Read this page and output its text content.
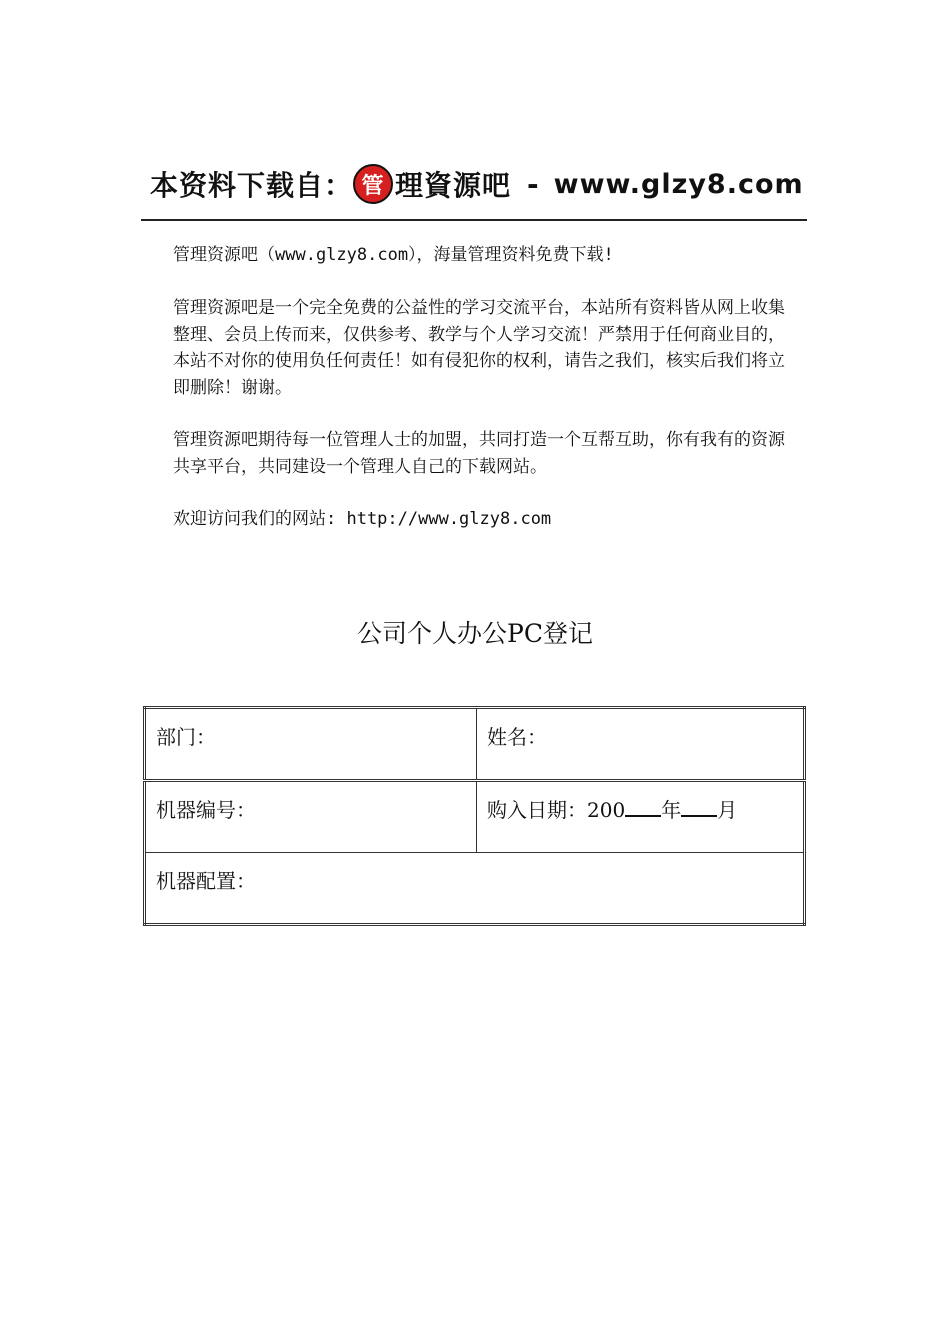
本资料下载自： 管 理資源吧 - www.glzy8.com

管理资源吧（www.glzy8.com），海量管理资料免费下载!

管理资源吧是一个完全免费的公益性的学习交流平台，本站所有资料皆从网上收集整理、会员上传而来，仅供参考、教学与个人学习交流！严禁用于任何商业目的，本站不对你的使用负任何责任！如有侵犯你的权利，请告之我们，核实后我们将立即删除！谢谢。

管理资源吧期待每一位管理人士的加盟，共同打造一个互帮互助，你有我有的资源共享平台，共同建设一个管理人自己的下载网站。

欢迎访问我们的网站: http://www.glzy8.com

公司个人办公PC登记
部门：	姓名：
机器编号：	购入日期：200 年 月
机器配置：	
